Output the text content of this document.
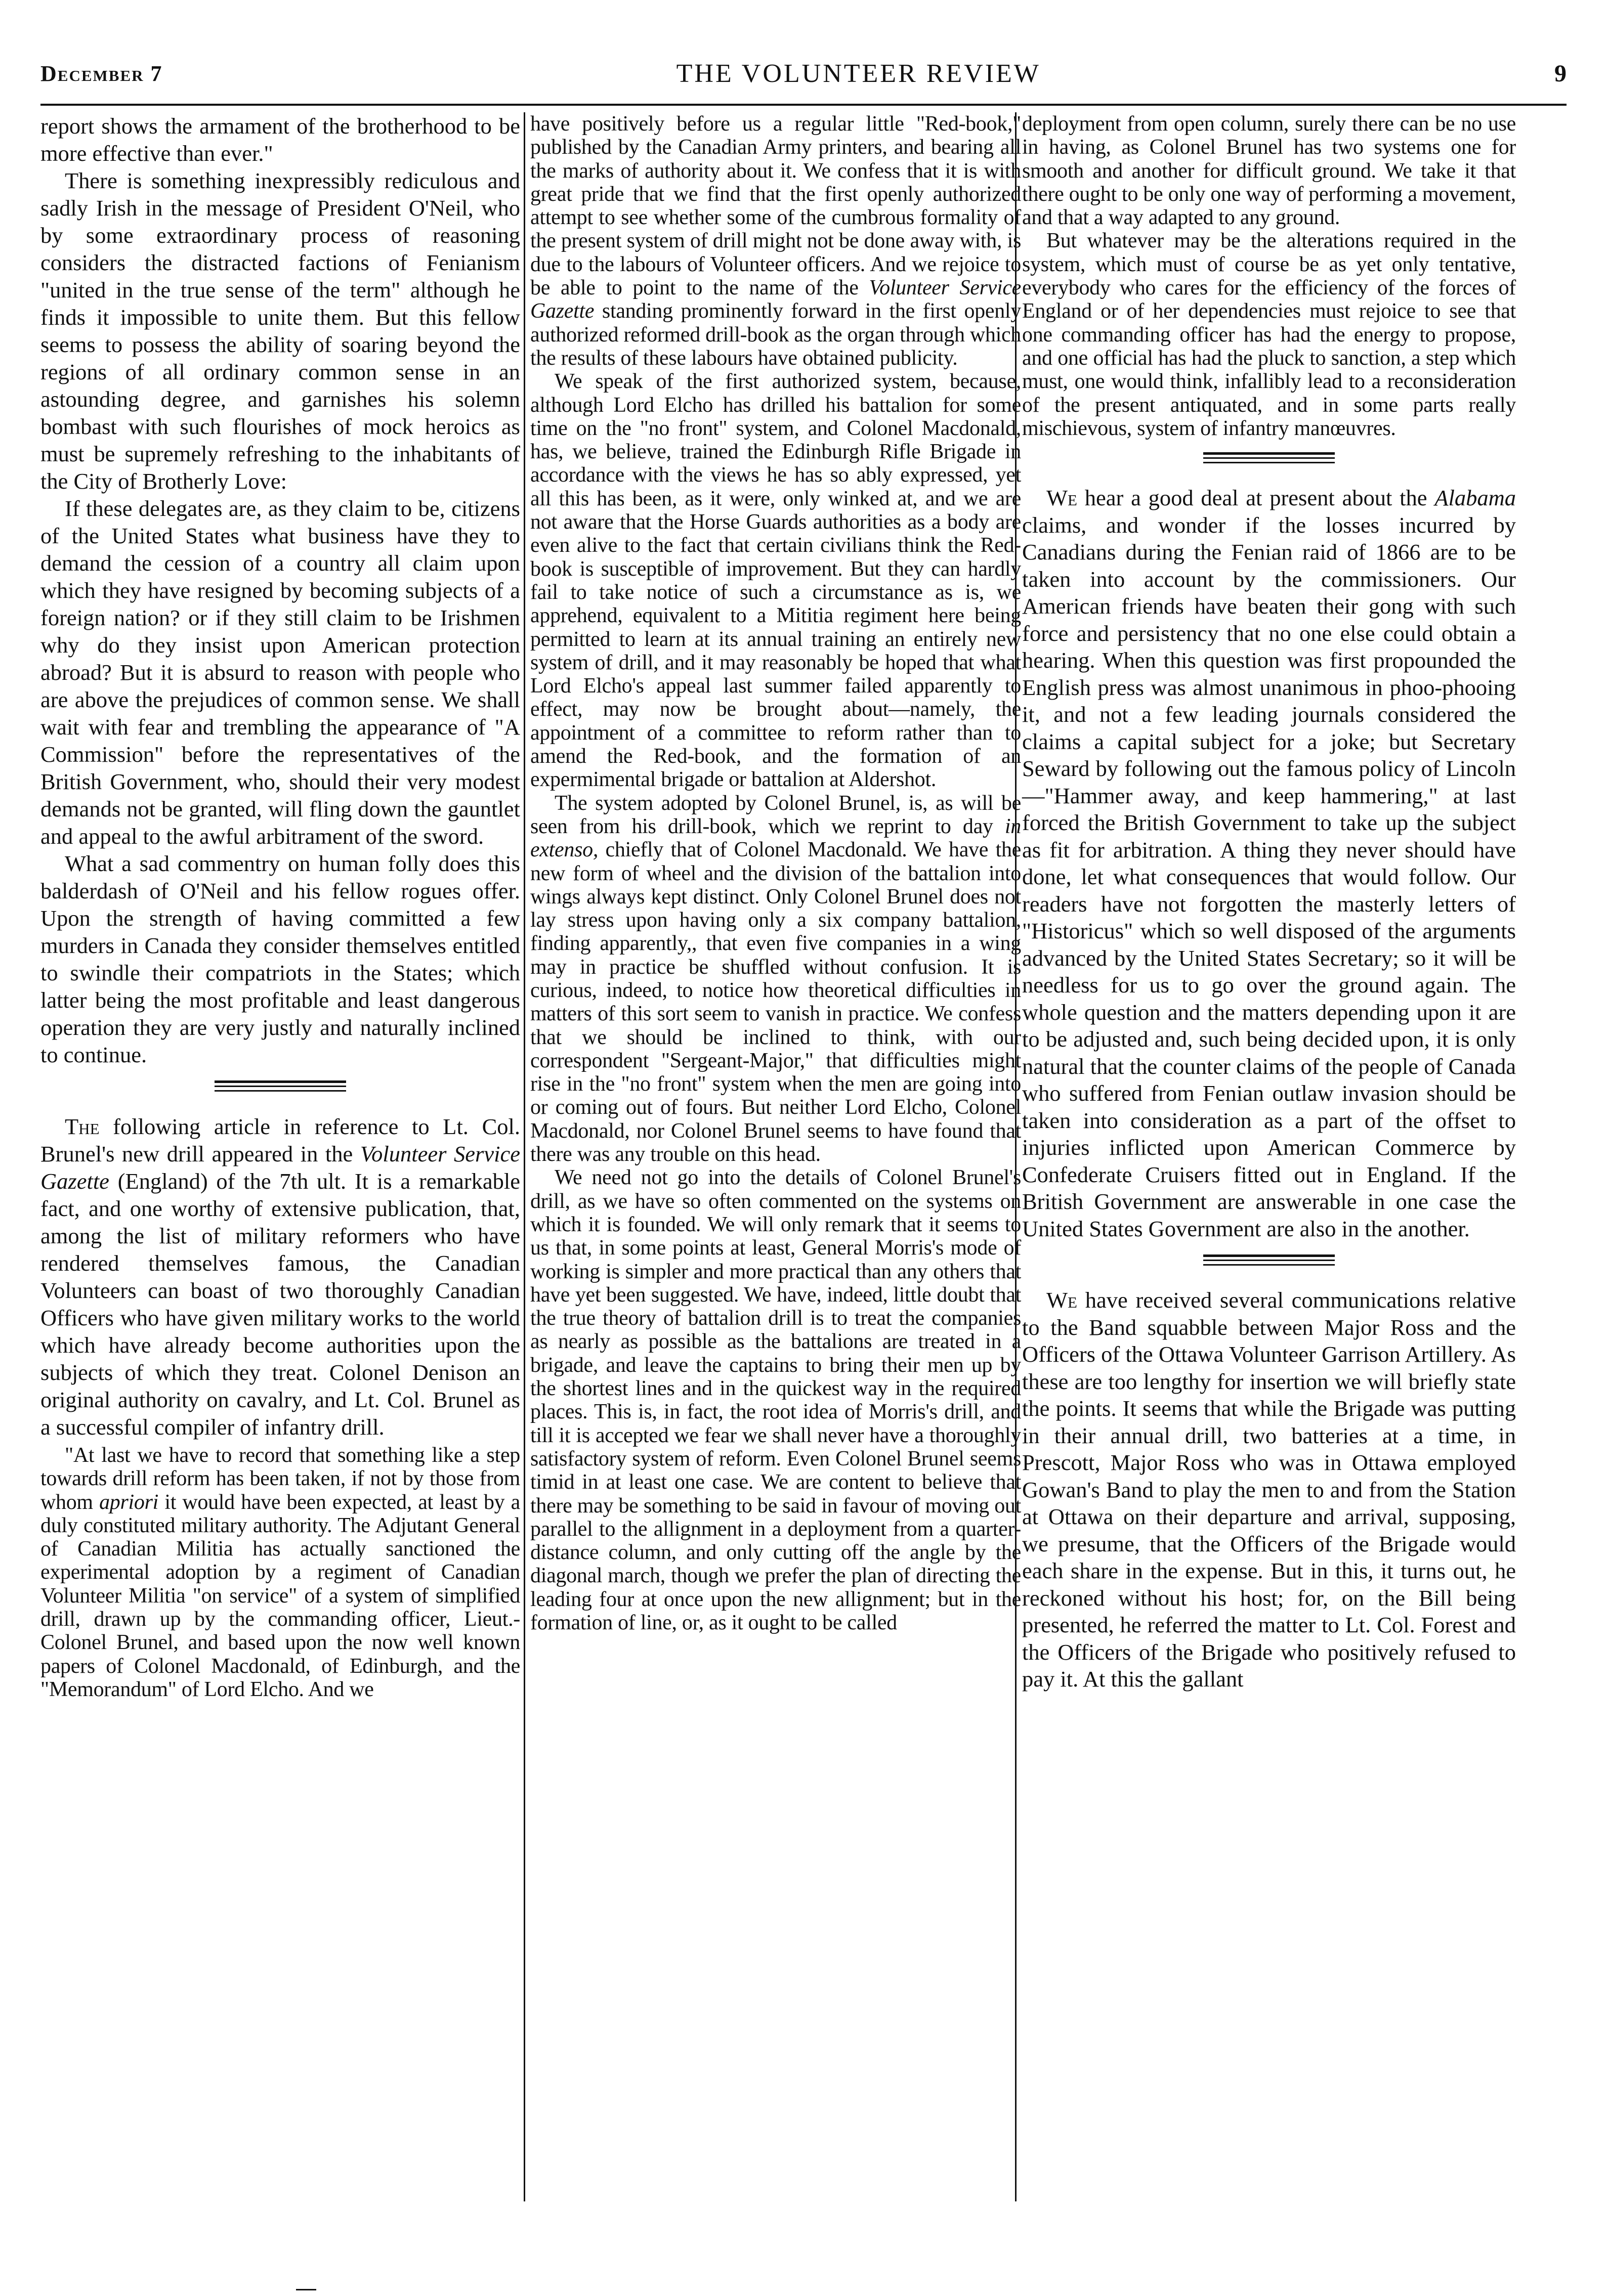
December 7	THE VOLUNTEER REVIEW	9

report shows the armament of the brotherhood to be more effective than ever."

There is something inexpressibly rediculous and sadly Irish in the message of President O'Neil, who by some extraordinary process of reasoning considers the distracted factions of Fenianism "united in the true sense of the term" although he finds it impossible to unite them. But this fellow seems to possess the ability of soaring beyond the regions of all ordinary common sense in an astounding degree, and garnishes his solemn bombast with such flourishes of mock heroics as must be supremely refreshing to the inhabitants of the City of Brotherly Love:

If these delegates are, as they claim to be, citizens of the United States what business have they to demand the cession of a country all claim upon which they have resigned by becoming subjects of a foreign nation? or if they still claim to be Irishmen why do they insist upon American protection abroad? But it is absurd to reason with people who are above the prejudices of common sense. We shall wait with fear and trembling the appearance of "A Commission" before the representatives of the British Government, who, should their very modest demands not be granted, will fling down the gauntlet and appeal to the awful arbitrament of the sword.

What a sad commentry on human folly does this balderdash of O'Neil and his fellow rogues offer. Upon the strength of having committed a few murders in Canada they consider themselves entitled to swindle their compatriots in the States; which latter being the most profitable and least dangerous operation they are very justly and naturally inclined to continue.

The following article in reference to Lt. Col. Brunel's new drill appeared in the Volunteer Service Gazette (England) of the 7th ult. It is a remarkable fact, and one worthy of extensive publication, that, among the list of military reformers who have rendered themselves famous, the Canadian Volunteers can boast of two thoroughly Canadian Officers who have given military works to the world which have already become authorities upon the subjects of which they treat. Colonel Denison an original authority on cavalry, and Lt. Col. Brunel as a successful compiler of infantry drill.

"At last we have to record that something like a step towards drill reform has been taken, if not by those from whom apriori it would have been expected, at least by a duly constituted military authority. The Adjutant General of Canadian Militia has actually sanctioned the experimental adoption by a regiment of Canadian Volunteer Militia "on service" of a system of simplified drill, drawn up by the commanding officer, Lieut.-Colonel Brunel, and based upon the now well known papers of Colonel Macdonald, of Edinburgh, and the "Memorandum" of Lord Elcho. And we

have positively before us a regular little "Red-book," published by the Canadian Army printers, and bearing all the marks of authority about it. We confess that it is with great pride that we find that the first openly authorized attempt to see whether some of the cumbrous formality of the present system of drill might not be done away with, is due to the labours of Volunteer officers. And we rejoice to be able to point to the name of the Volunteer Service Gazette standing prominently forward in the first openly authorized reformed drill-book as the organ through which the results of these labours have obtained publicity.

We speak of the first authorized system, because, although Lord Elcho has drilled his battalion for some time on the "no front" system, and Colonel Macdonald, has, we believe, trained the Edinburgh Rifle Brigade in accordance with the views he has so ably expressed, yet all this has been, as it were, only winked at, and we are not aware that the Horse Guards authorities as a body are even alive to the fact that certain civilians think the Red-book is susceptible of improvement. But they can hardly fail to take notice of such a circumstance as is, we apprehend, equivalent to a Mititia regiment here being permitted to learn at its annual training an entirely new system of drill, and it may reasonably be hoped that what Lord Elcho's appeal last summer failed apparently to effect, may now be brought about—namely, the appointment of a committee to reform rather than to amend the Red-book, and the formation of an expermimental brigade or battalion at Aldershot.

The system adopted by Colonel Brunel, is, as will be seen from his drill-book, which we reprint to day in extenso, chiefly that of Colonel Macdonald. We have the new form of wheel and the division of the battalion into wings always kept distinct. Only Colonel Brunel does not lay stress upon having only a six company battalion, finding apparently,, that even five companies in a wing may in practice be shuffled without confusion. It is curious, indeed, to notice how theoretical difficulties in matters of this sort seem to vanish in practice. We confess that we should be inclined to think, with our correspondent "Sergeant-Major," that difficulties might rise in the "no front" system when the men are going into or coming out of fours. But neither Lord Elcho, Colonel Macdonald, nor Colonel Brunel seems to have found that there was any trouble on this head.

We need not go into the details of Colonel Brunel's drill, as we have so often commented on the systems on which it is founded. We will only remark that it seems to us that, in some points at least, General Morris's mode of working is simpler and more practical than any others that have yet been suggested. We have, indeed, little doubt that the true theory of battalion drill is to treat the companies as nearly as possible as the battalions are treated in a brigade, and leave the captains to bring their men up by the shortest lines and in the quickest way in the required places. This is, in fact, the root idea of Morris's drill, and till it is accepted we fear we shall never have a thoroughly satisfactory system of reform. Even Colonel Brunel seems timid in at least one case. We are content to believe that there may be something to be said in favour of moving out parallel to the allignment in a deployment from a quarter-distance column, and only cutting off the angle by the diagonal march, though we prefer the plan of directing the leading four at once upon the new allignment; but in the formation of line, or, as it ought to be called

deployment from open column, surely there can be no use in having, as Colonel Brunel has two systems one for smooth and another for difficult ground. We take it that there ought to be only one way of performing a movement, and that a way adapted to any ground.

But whatever may be the alterations required in the system, which must of course be as yet only tentative, everybody who cares for the efficiency of the forces of England or of her dependencies must rejoice to see that one commanding officer has had the energy to propose, and one official has had the pluck to sanction, a step which must, one would think, infallibly lead to a reconsideration of the present antiquated, and in some parts really mischievous, system of infantry manœuvres.

We hear a good deal at present about the Alabama claims, and wonder if the losses incurred by Canadians during the Fenian raid of 1866 are to be taken into account by the commissioners. Our American friends have beaten their gong with such force and persistency that no one else could obtain a hearing. When this question was first propounded the English press was almost unanimous in phoo-phooing it, and not a few leading journals considered the claims a capital subject for a joke; but Secretary Seward by following out the famous policy of Lincoln—"Hammer away, and keep hammering," at last forced the British Government to take up the subject as fit for arbitration. A thing they never should have done, let what consequences that would follow. Our readers have not forgotten the masterly letters of "Historicus" which so well disposed of the arguments advanced by the United States Secretary; so it will be needless for us to go over the ground again. The whole question and the matters depending upon it are to be adjusted and, such being decided upon, it is only natural that the counter claims of the people of Canada who suffered from Fenian outlaw invasion should be taken into consideration as a part of the offset to injuries inflicted upon American Commerce by Confederate Cruisers fitted out in England. If the British Government are answerable in one case the United States Government are also in the another.

We have received several communications relative to the Band squabble between Major Ross and the Officers of the Ottawa Volunteer Garrison Artillery. As these are too lengthy for insertion we will briefly state the points. It seems that while the Brigade was putting in their annual drill, two batteries at a time, in Prescott, Major Ross who was in Ottawa employed Gowan's Band to play the men to and from the Station at Ottawa on their departure and arrival, supposing, we presume, that the Officers of the Brigade would each share in the expense. But in this, it turns out, he reckoned without his host; for, on the Bill being presented, he referred the matter to Lt. Col. Forest and the Officers of the Brigade who positively refused to pay it. At this the gallant
